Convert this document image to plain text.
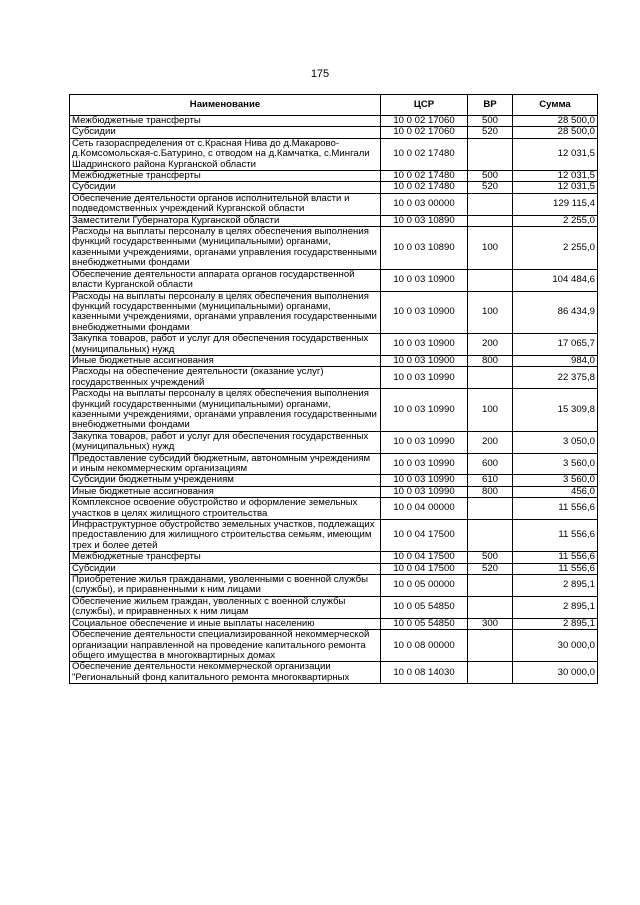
175
Наименование	ЦСР	ВР	Сумма
Межбюджетные трансферты	10 0 02 17060	500	28 500,0
Субсидии	10 0 02 17060	520	28 500,0
Сеть газораспределения от с.Красная Нива до д.Макарово-д.Комсомольская-с.Батурино, с отводом на д.Камчатка, с.Мингали Шадринского района Курганской области	10 0 02 17480		12 031,5
Межбюджетные трансферты	10 0 02 17480	500	12 031,5
Субсидии	10 0 02 17480	520	12 031,5
Обеспечение деятельности органов исполнительной власти и подведомственных учреждений Курганской области	10 0 03 00000		129 115,4
Заместители Губернатора Курганской области	10 0 03 10890		2 255,0
Расходы на выплаты персоналу в целях обеспечения выполнения функций государственными (муниципальными) органами, казенными учреждениями, органами управления государственными внебюджетными фондами	10 0 03 10890	100	2 255,0
Обеспечение деятельности аппарата органов государственной власти Курганской области	10 0 03 10900		104 484,6
Расходы на выплаты персоналу в целях обеспечения выполнения функций государственными (муниципальными) органами, казенными учреждениями, органами управления государственными внебюджетными фондами	10 0 03 10900	100	86 434,9
Закупка товаров, работ и услуг для обеспечения государственных (муниципальных) нужд	10 0 03 10900	200	17 065,7
Иные бюджетные ассигнования	10 0 03 10900	800	984,0
Расходы на обеспечение деятельности (оказание услуг) государственных учреждений	10 0 03 10990		22 375,8
Расходы на выплаты персоналу в целях обеспечения выполнения функций государственными (муниципальными) органами, казенными учреждениями, органами управления государственными внебюджетными фондами	10 0 03 10990	100	15 309,8
Закупка товаров, работ и услуг для обеспечения государственных (муниципальных) нужд	10 0 03 10990	200	3 050,0
Предоставление субсидий бюджетным, автономным учреждениям и иным некоммерческим организациям	10 0 03 10990	600	3 560,0
Субсидии бюджетным учреждениям	10 0 03 10990	610	3 560,0
Иные бюджетные ассигнования	10 0 03 10990	800	456,0
Комплексное освоение обустройство и оформление земельных участков в целях жилищного строительства	10 0 04 00000		11 556,6
Инфраструктурное обустройство земельных участков, подлежащих предоставлению для жилищного строительства семьям, имеющим трех и более детей	10 0 04 17500		11 556,6
Межбюджетные трансферты	10 0 04 17500	500	11 556,6
Субсидии	10 0 04 17500	520	11 556,6
Приобретение жилья гражданами, уволенными с военной службы (службы), и приравненными к ним лицами	10 0 05 00000		2 895,1
Обеспечение жильем граждан, уволенных с военной службы (службы), и приравненных к ним лицам	10 0 05 54850		2 895,1
Социальное обеспечение и иные выплаты населению	10 0 05 54850	300	2 895,1
Обеспечение деятельности специализированной некоммерческой организации направленной на проведение капитального ремонта общего имущества в многоквартирных домах	10 0 08 00000		30 000,0
Обеспечение деятельности некоммерческой организации "Региональный фонд капитального ремонта многоквартирных	10 0 08 14030		30 000,0
